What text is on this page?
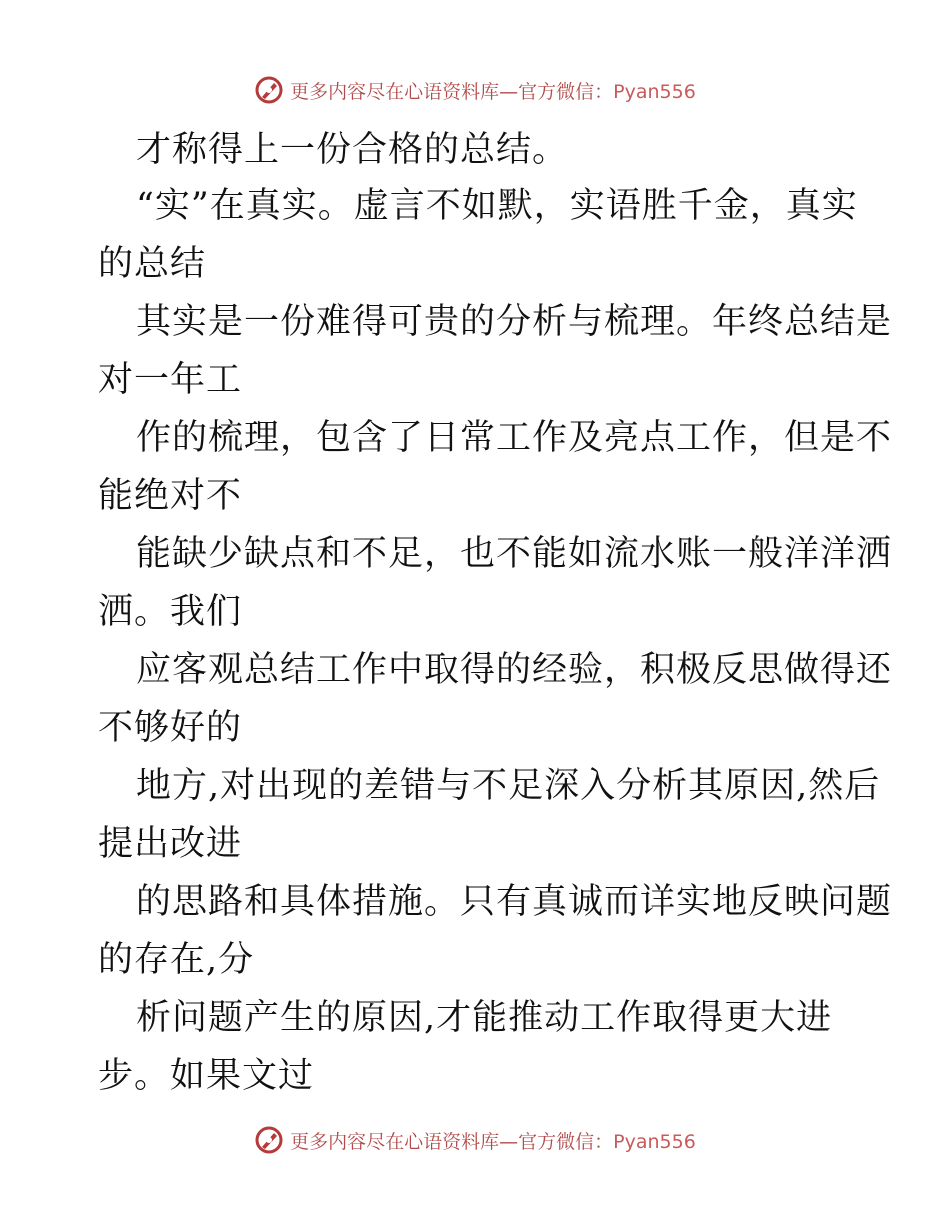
更多内容尽在心语资料库—官方微信：Pyan556
才称得上一份合格的总结。
“实”在真实。虚言不如默，实语胜千金，真实
的总结
其实是一份难得可贵的分析与梳理。年终总结是
对一年工
作的梳理，包含了日常工作及亮点工作，但是不
能绝对不
能缺少缺点和不足，也不能如流水账一般洋洋洒
洒。我们
应客观总结工作中取得的经验，积极反思做得还
不够好的
地方,对出现的差错与不足深入分析其原因,然后
提出改进
的思路和具体措施。只有真诚而详实地反映问题
的存在,分
析问题产生的原因,才能推动工作取得更大进
步。如果文过
更多内容尽在心语资料库—官方微信：Pyan556
